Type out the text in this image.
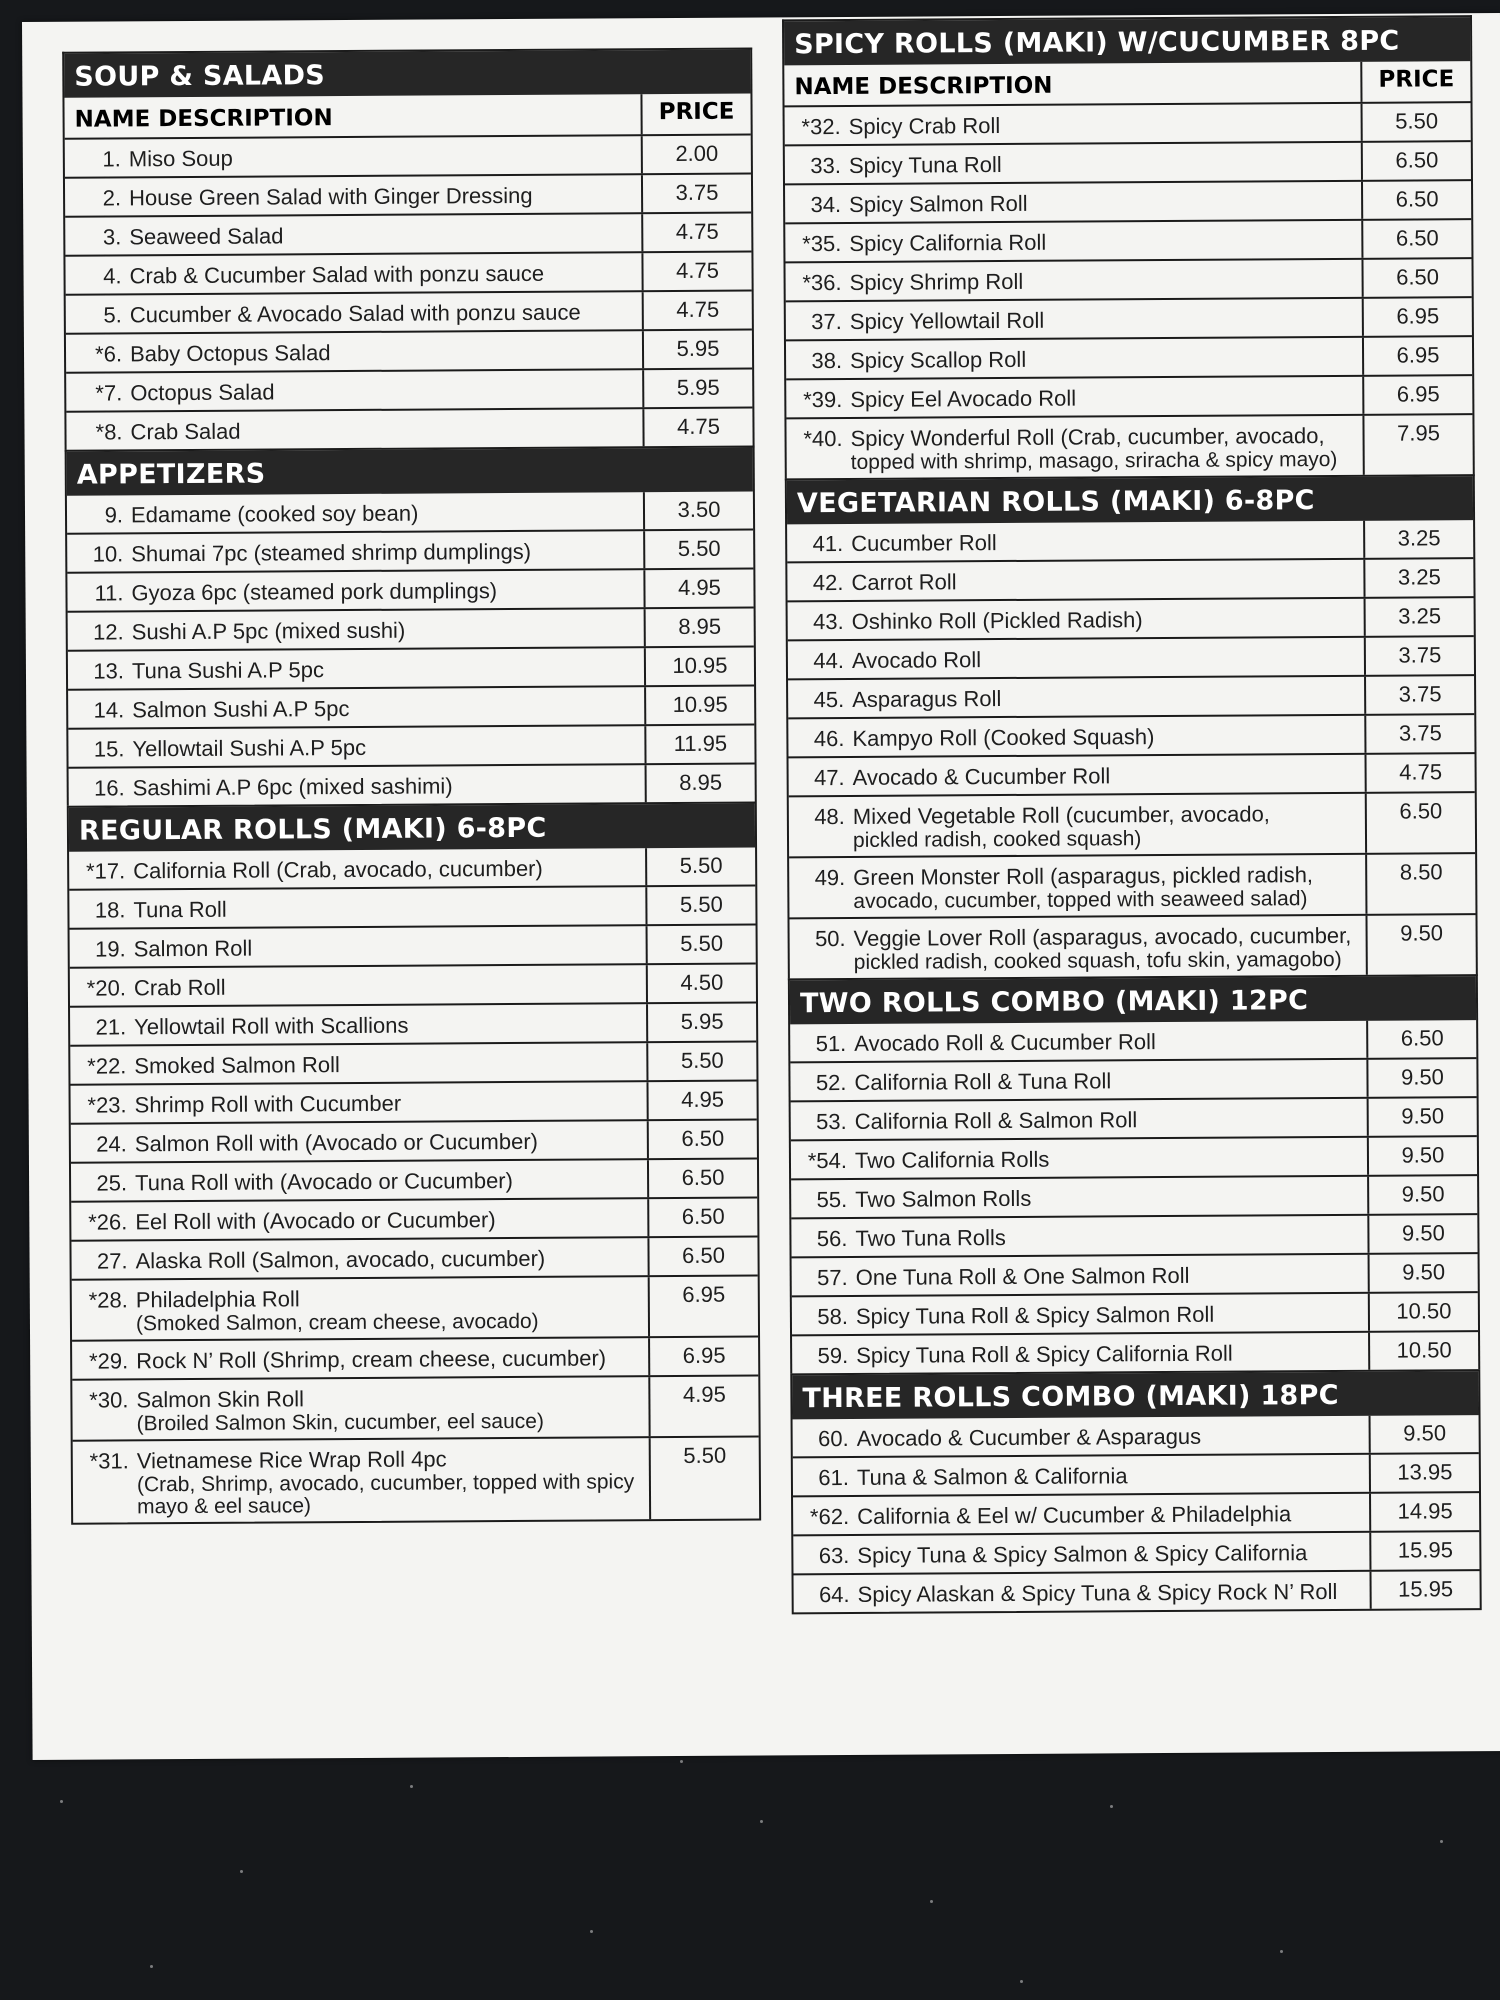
SOUP & SALADS
NAME DESCRIPTION	PRICE
1. Miso Soup	2.00
2. House Green Salad with Ginger Dressing	3.75
3. Seaweed Salad	4.75
4. Crab & Cucumber Salad with ponzu sauce	4.75
5. Cucumber & Avocado Salad with ponzu sauce	4.75
*6. Baby Octopus Salad	5.95
*7. Octopus Salad	5.95
*8. Crab Salad	4.75
APPETIZERS
9. Edamame (cooked soy bean)	3.50
10. Shumai 7pc (steamed shrimp dumplings)	5.50
11. Gyoza 6pc (steamed pork dumplings)	4.95
12. Sushi A.P 5pc (mixed sushi)	8.95
13. Tuna Sushi A.P 5pc	10.95
14. Salmon Sushi A.P 5pc	10.95
15. Yellowtail Sushi A.P 5pc	11.95
16. Sashimi A.P 6pc (mixed sashimi)	8.95
REGULAR ROLLS (MAKI) 6-8PC
*17. California Roll (Crab, avocado, cucumber)	5.50
18. Tuna Roll	5.50
19. Salmon Roll	5.50
*20. Crab Roll	4.50
21. Yellowtail Roll with Scallions	5.95
*22. Smoked Salmon Roll	5.50
*23. Shrimp Roll with Cucumber	4.95
24. Salmon Roll with (Avocado or Cucumber)	6.50
25. Tuna Roll with (Avocado or Cucumber)	6.50
*26. Eel Roll with (Avocado or Cucumber)	6.50
27. Alaska Roll (Salmon, avocado, cucumber)	6.50
*28. Philadelphia Roll
(Smoked Salmon, cream cheese, avocado)
6.95
*29. Rock N’ Roll (Shrimp, cream cheese, cucumber)	6.95
*30. Salmon Skin Roll
(Broiled Salmon Skin, cucumber, eel sauce)
4.95
*31. Vietnamese Rice Wrap Roll 4pc
(Crab, Shrimp, avocado, cucumber, topped with spicy mayo & eel sauce)
5.50
SPICY ROLLS (MAKI) W/CUCUMBER 8PC
NAME DESCRIPTION	PRICE
*32. Spicy Crab Roll	5.50
33. Spicy Tuna Roll	6.50
34. Spicy Salmon Roll	6.50
*35. Spicy California Roll	6.50
*36. Spicy Shrimp Roll	6.50
37. Spicy Yellowtail Roll	6.95
38. Spicy Scallop Roll	6.95
*39. Spicy Eel Avocado Roll	6.95
*40. Spicy Wonderful Roll (Crab, cucumber, avocado,
topped with shrimp, masago, sriracha & spicy mayo)
7.95
VEGETARIAN ROLLS (MAKI) 6-8PC
41. Cucumber Roll	3.25
42. Carrot Roll	3.25
43. Oshinko Roll (Pickled Radish)	3.25
44. Avocado Roll	3.75
45. Asparagus Roll	3.75
46. Kampyo Roll (Cooked Squash)	3.75
47. Avocado & Cucumber Roll	4.75
48. Mixed Vegetable Roll (cucumber, avocado,
pickled radish, cooked squash)
6.50
49. Green Monster Roll (asparagus, pickled radish,
avocado, cucumber, topped with seaweed salad)
8.50
50. Veggie Lover Roll (asparagus, avocado, cucumber,
pickled radish, cooked squash, tofu skin, yamagobo)
9.50
TWO ROLLS COMBO (MAKI) 12PC
51. Avocado Roll & Cucumber Roll	6.50
52. California Roll & Tuna Roll	9.50
53. California Roll & Salmon Roll	9.50
*54. Two California Rolls	9.50
55. Two Salmon Rolls	9.50
56. Two Tuna Rolls	9.50
57. One Tuna Roll & One Salmon Roll	9.50
58. Spicy Tuna Roll & Spicy Salmon Roll	10.50
59. Spicy Tuna Roll & Spicy California Roll	10.50
THREE ROLLS COMBO (MAKI) 18PC
60. Avocado & Cucumber & Asparagus	9.50
61. Tuna & Salmon & California	13.95
*62. California & Eel w/ Cucumber & Philadelphia	14.95
63. Spicy Tuna & Spicy Salmon & Spicy California	15.95
64. Spicy Alaskan & Spicy Tuna & Spicy Rock N’ Roll	15.95
